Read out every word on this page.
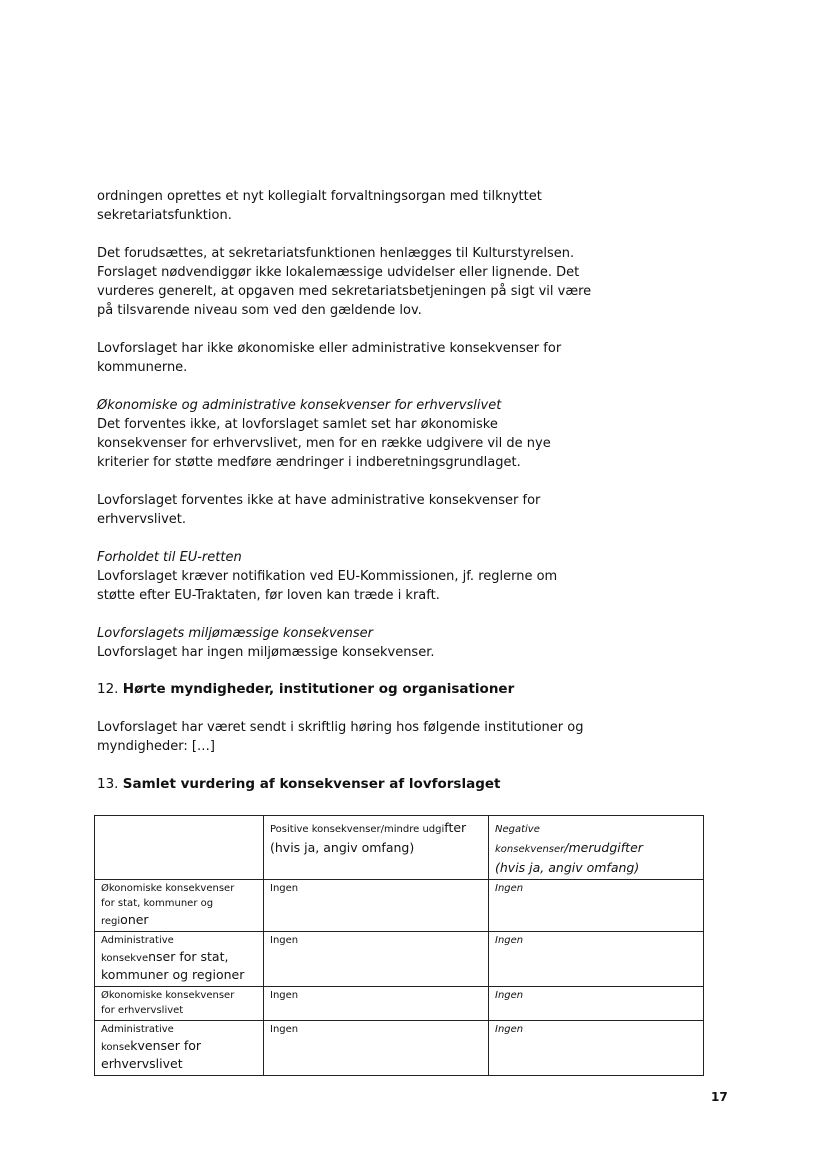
ordningen oprettes et nyt kollegialt forvaltningsorgan med tilknyttet
sekretariatsfunktion.

Det forudsættes, at sekretariatsfunktionen henlægges til Kulturstyrelsen.
Forslaget nødvendiggør ikke lokalemæssige udvidelser eller lignende. Det
vurderes generelt, at opgaven med sekretariatsbetjeningen på sigt vil være
på tilsvarende niveau som ved den gældende lov.

Lovforslaget har ikke økonomiske eller administrative konsekvenser for
kommunerne.

Økonomiske og administrative konsekvenser for erhvervslivet
Det forventes ikke, at lovforslaget samlet set har økonomiske
konsekvenser for erhvervslivet, men for en række udgivere vil de nye
kriterier for støtte medføre ændringer i indberetningsgrundlaget.

Lovforslaget forventes ikke at have administrative konsekvenser for
erhvervslivet.

Forholdet til EU-retten
Lovforslaget kræver notifikation ved EU-Kommissionen, jf. reglerne om
støtte efter EU-Traktaten, før loven kan træde i kraft.

Lovforslagets miljømæssige konsekvenser
Lovforslaget har ingen miljømæssige konsekvenser.

12. Hørte myndigheder, institutioner og organisationer

Lovforslaget har været sendt i skriftlig høring hos følgende institutioner og
myndigheder: […]

13. Samlet vurdering af konsekvenser af lovforslaget

	Positive konsekvenser/mindre udgifter
(hvis ja, angiv omfang)	Negative
konsekvenser/merudgifter
(hvis ja, angiv omfang)
Økonomiske konsekvenser
for stat, kommuner og
regioner	Ingen	Ingen
Administrative
konsekvenser for stat,
kommuner og regioner	Ingen	Ingen
Økonomiske konsekvenser
for erhvervslivet	Ingen	Ingen
Administrative
konsekvenser for
erhvervslivet	Ingen	Ingen
17
